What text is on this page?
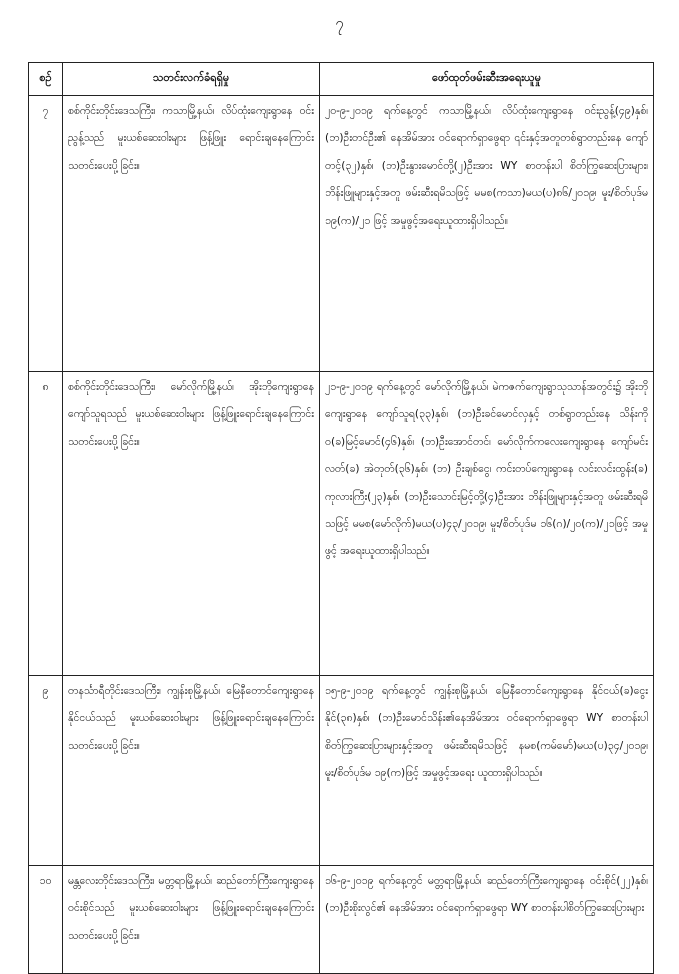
၇
စဉ်	သတင်းလက်ခံရရှိမှု	ဖော်ထုတ်ဖမ်းဆီးအရေးယူမှု
၇	စစ်ကိုင်းတိုင်းဒေသကြီး၊ ကသာမြို့နယ်၊ လိပ်ထုံးကျေးရွာနေ ဝင်းညွန့်သည် မူးယစ်ဆေးဝါးများ ဖြန့်ဖြူး ရောင်းချနေကြောင်း သတင်းပေးပို့ခြင်း။	၂၀-၉-၂၀၁၉ ရက်နေ့တွင် ကသာမြို့နယ်၊ လိပ်ထုံးကျေးရွာနေ ဝင်းညွန့်(၄၉)နှစ်၊ (ဘ)ဦးတင်ဦး၏ နေအိမ်အား ဝင်ရောက်ရှာဖွေရာ ၎င်းနှင့်အတူတစ်ရွာတည်းနေ ကျော်တင့်(၃၂)နှစ်၊ (ဘ)ဦးနွားမောင်တို့(၂)ဦးအား WY စာတန်းပါ စိတ်ကြွဆေးပြားများ၊ ဘိန်းဖြူများနှင့်အတူ ဖမ်းဆီးရမိသဖြင့် မမစ(ကသာ)မယ(ပ)၈၆/၂၀၁၉၊ မူး/စိတ်ပုဒ်မ ၁၉(က)/၂၁ ဖြင့် အမှုဖွင့်အရေးယူထားရှိပါသည်။
၈	စစ်ကိုင်းတိုင်းဒေသကြီး၊ မော်လိုက်မြို့နယ်၊ အိုးဘိုကျေးရွာနေ ကျော်သူရသည် မူးယစ်ဆေးဝါးများ ဖြန့်ဖြူးရောင်းချနေကြောင်း သတင်းပေးပို့ခြင်း။	၂၁-၉-၂၀၁၉ ရက်နေ့တွင် မော်လိုက်မြို့နယ်၊ မဲကဇက်ကျေးရွာသုသာန်အတွင်း၌ အိုးဘိုကျေးရွာနေ ကျော်သူရ(၃၃)နှစ်၊ (ဘ)ဦးခင်မောင်လှနှင့် တစ်ရွာတည်းနေ သိန်းကိုဝ(ခ)မြင့်မောင်(၄၆)နှစ်၊ (ဘ)ဦးအောင်တင်၊ မော်လိုက်ကလေးကျေးရွာနေ ကျော်မင်းလတ်(ခ) အဲတုတ်(၃၆)နှစ်၊ (ဘ) ဦးချစ်ငွေ၊ ကင်းတပ်ကျေးရွာနေ လင်းလင်းထွန်း(ခ) ကုလားကြီး(၂၃)နှစ်၊ (ဘ)ဦးသောင်းမြင့်တို့(၄)ဦးအား ဘိန်းဖြူများနှင့်အတူ ဖမ်းဆီးရမိသဖြင့် မမစ(မော်လိုက်)မယ(ပ)၄၃/၂၀၁၉၊ မူး/စိတ်ပုဒ်မ ၁၆(ဂ)/၂၀(က)/၂၁ဖြင့် အမှုဖွင့် အရေးယူထားရှိပါသည်။
၉	တနင်္သာရီတိုင်းဒေသကြီး၊ ကျွန်းစုမြို့နယ်၊ မြေနီတောင်ကျေးရွာနေ နိုင်ငယ်သည် မူးယစ်ဆေးဝါးများ ဖြန့်ဖြူးရောင်းချနေကြောင်း သတင်းပေးပို့ခြင်း။	၁၅-၉-၂၀၁၉ ရက်နေ့တွင် ကျွန်းစုမြို့နယ်၊ မြေနီတောင်ကျေးရွာနေ နိုင်ငယ်(ခ)ငွေးနိုင်(၃၈)နှစ်၊ (ဘ)ဦးမောင်သိန်း၏နေအိမ်အား ဝင်ရောက်ရှာဖွေရာ WY စာတန်းပါစိတ်ကြွဆေးပြားများနှင့်အတူ ဖမ်းဆီးရမိသဖြင့် နမစ(ကမ်မော်)မယ(ပ)၃၄/၂၀၁၉၊ မူး/စိတ်ပုဒ်မ ၁၉(က)ဖြင့် အမှုဖွင့်အရေး ယူထားရှိပါသည်။
၁၀	မန္တလေးတိုင်းဒေသကြီး၊ မတ္တရာမြို့နယ်၊ ဆည်တော်ကြီးကျေးရွာနေ ဝင်းစိုင်သည် မူးယစ်ဆေးဝါးများ ဖြန့်ဖြူးရောင်းချနေကြောင်း သတင်းပေးပို့ခြင်း။	၁၆-၉-၂၀၁၉ ရက်နေ့တွင် မတ္တရာမြို့နယ်၊ ဆည်တော်ကြီးကျေးရွာနေ ဝင်းစိုင်(၂၂)နှစ်၊ (ဘ)ဦးစိုးလွင်၏ နေအိမ်အား ဝင်ရောက်ရှာဖွေရာ WY စာတန်းပါစိတ်ကြွဆေးပြားများ
